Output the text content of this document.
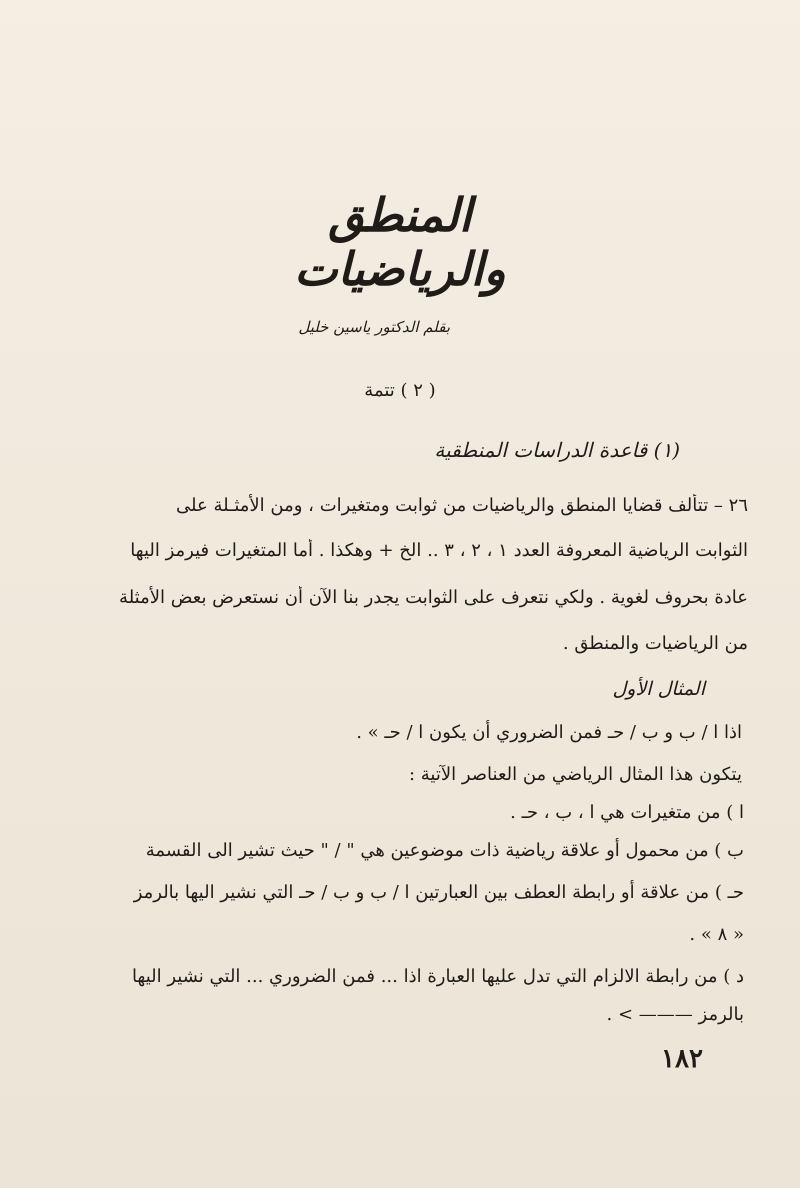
المنطق والرياضيات
بقلم الدكتور ياسين خليل
( ٢ ) تتمة
(١) قاعدة الدراسات المنطقية
٢٦ – تتألف قضايا المنطق والرياضيات من ثوابت ومتغيرات ، ومن الأمثـلة على
الثوابت الرياضية المعروفة العدد ١ ، ٢ ، ٣ .. الخ + وهكذا . أما المتغيرات فيرمز اليها
عادة بحروف لغوية . ولكي نتعرف على الثوابت يجدر بنا الآن أن نستعرض بعض الأمثلة
من الرياضيات والمنطق .
المثال الأول
اذا ا / ب و ب / حـ فمن الضروري أن يكون ا / حـ » .
يتكون هذا المثال الرياضي من العناصر الآتية :
ا ) من متغيرات هي ا ، ب ، حـ .
ب ) من محمول أو علاقة رياضية ذات موضوعين هي " / " حيث تشير الى القسمة
حـ ) من علاقة أو رابطة العطف بين العبارتين ا / ب و ب / حـ التي نشير اليها بالرمز
« ٨ » .
د ) من رابطة الالزام التي تدل عليها العبارة اذا ... فمن الضروري ... التي نشير اليها
بالرمز ——— > .
١٨٢
